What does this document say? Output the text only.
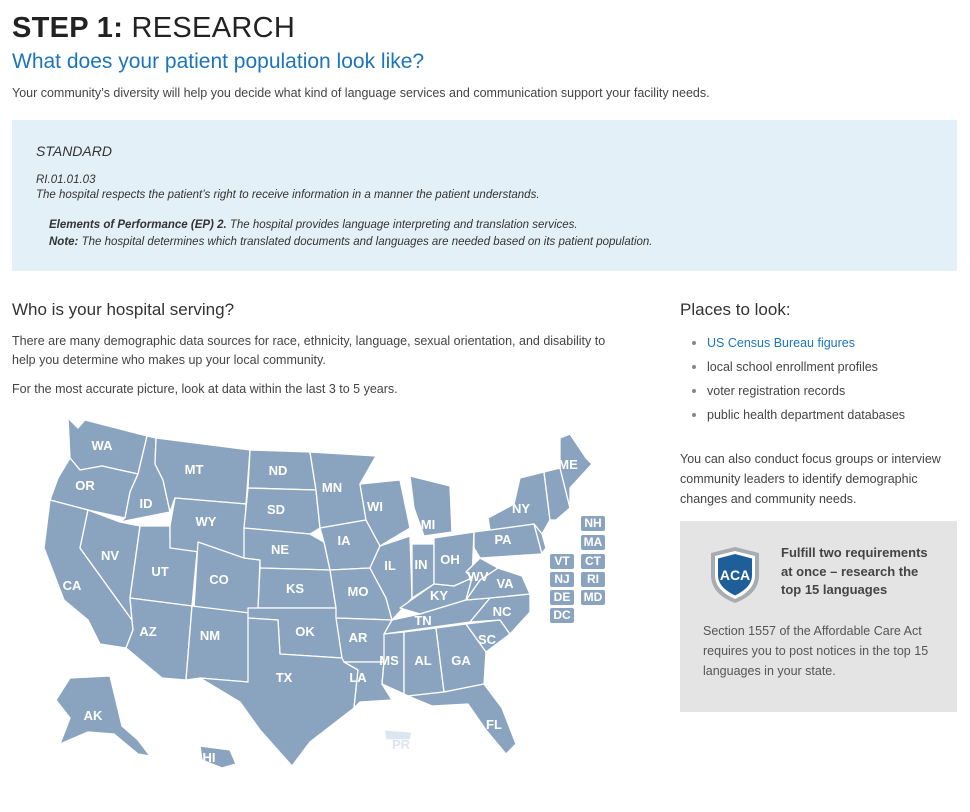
STEP 1: RESEARCH
What does your patient population look like?
Your community’s diversity will help you decide what kind of language services and communication support your facility needs.
STANDARD
RI.01.01.03
The hospital respects the patient’s right to receive information in a manner the patient understands.
Elements of Performance (EP) 2. The hospital provides language interpreting and translation services.
Note: The hospital determines which translated documents and languages are needed based on its patient population.
Who is your hospital serving?

There are many demographic data sources for race, ethnicity, language, sexual orientation, and disability to help you determine who makes up your local community.

For the most accurate picture, look at data within the last 3 to 5 years.

Places to look:
US Census Bureau figures
local school enrollment profiles
voter registration records
public health department databases
You can also conduct focus groups or interview community leaders to identify demographic changes and community needs.
ACA
Fulfill two requirements at once – research the top 15 languages
Section 1557 of the Affordable Care Act requires you to post notices in the top 15 languages in your state.
WA
OR
CA
ID
NV
MT
WY
UT
AZ
CO
NM
ND
SD
NE
KS
OK
TX
MN
IA
MO
AR
LA
WI
IL
MI
IN OH
KY
TN
MS AL GA
FL
SC
NC
VA
WV
PA
NY
ME
AK
HI
PR
NH
MA
VT	CT
NJ	RI
DE	MD
DC
